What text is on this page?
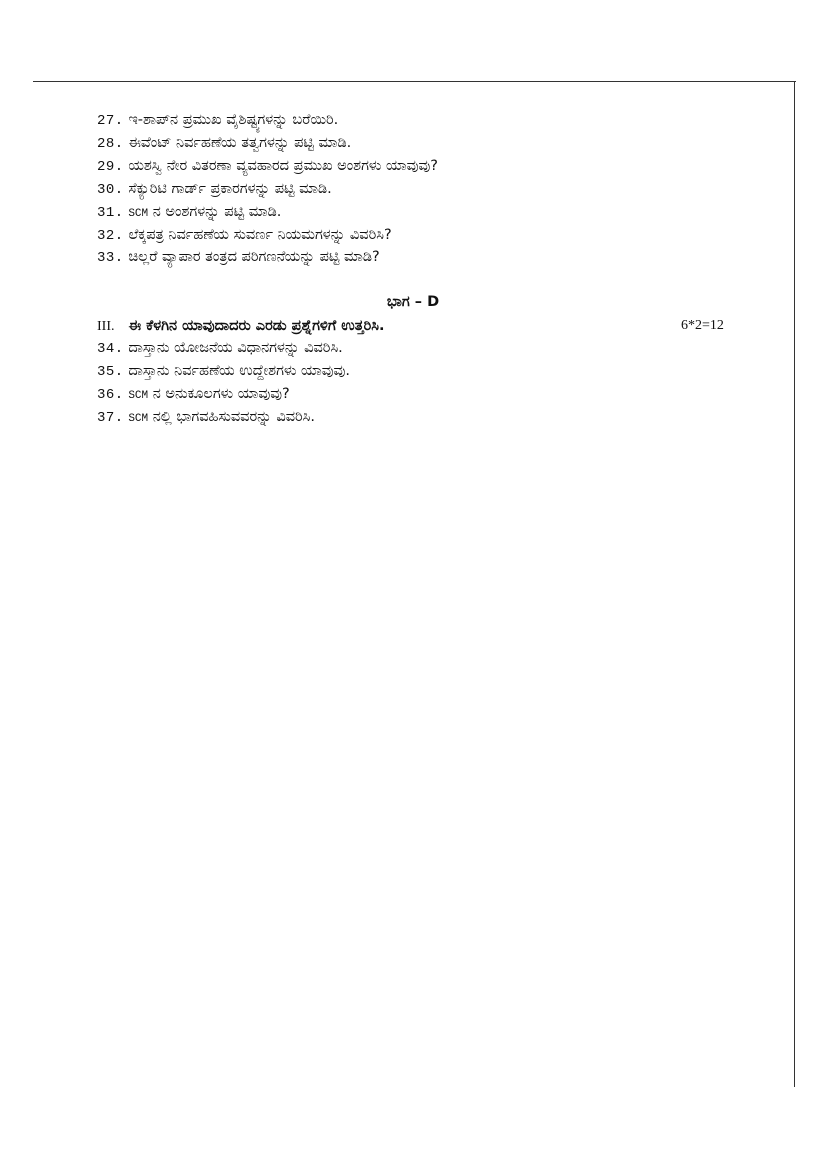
27. ಇ-ಶಾಪ್‌ನ ಪ್ರಮುಖ ವೈಶಿಷ್ಟ್ಯಗಳನ್ನು ಬರೆಯಿರಿ.
28. ಈವೆಂಟ್ ನಿರ್ವಹಣೆಯ ತತ್ವಗಳನ್ನು ಪಟ್ಟಿ ಮಾಡಿ.
29. ಯಶಸ್ವಿ ನೇರ ವಿತರಣಾ ವ್ಯವಹಾರದ ಪ್ರಮುಖ ಅಂಶಗಳು ಯಾವುವು?
30. ಸೆಕ್ಯುರಿಟಿ ಗಾರ್ಡ್ ಪ್ರಕಾರಗಳನ್ನು ಪಟ್ಟಿ ಮಾಡಿ.
31. SCM ನ ಅಂಶಗಳನ್ನು ಪಟ್ಟಿ ಮಾಡಿ.
32. ಲೆಕ್ಕಪತ್ರ ನಿರ್ವಹಣೆಯ ಸುವರ್ಣ ನಿಯಮಗಳನ್ನು ವಿವರಿಸಿ?
33. ಚಿಲ್ಲರೆ ವ್ಯಾಪಾರ ತಂತ್ರದ ಪರಿಗಣನೆಯನ್ನು ಪಟ್ಟಿ ಮಾಡಿ?
ಭಾಗ – D
III. ಈ ಕೆಳಗಿನ ಯಾವುದಾದರು ಎರಡು ಪ್ರಶ್ನೆಗಳಿಗೆ ಉತ್ತರಿಸಿ.	6*2=12
34. ದಾಸ್ತಾನು ಯೋಜನೆಯ ವಿಧಾನಗಳನ್ನು ವಿವರಿಸಿ.
35. ದಾಸ್ತಾನು ನಿರ್ವಹಣೆಯ ಉದ್ದೇಶಗಳು ಯಾವುವು.
36. SCM ನ ಅನುಕೂಲಗಳು ಯಾವುವು?
37. SCM ನಲ್ಲಿ ಭಾಗವಹಿಸುವವರನ್ನು ವಿವರಿಸಿ.
